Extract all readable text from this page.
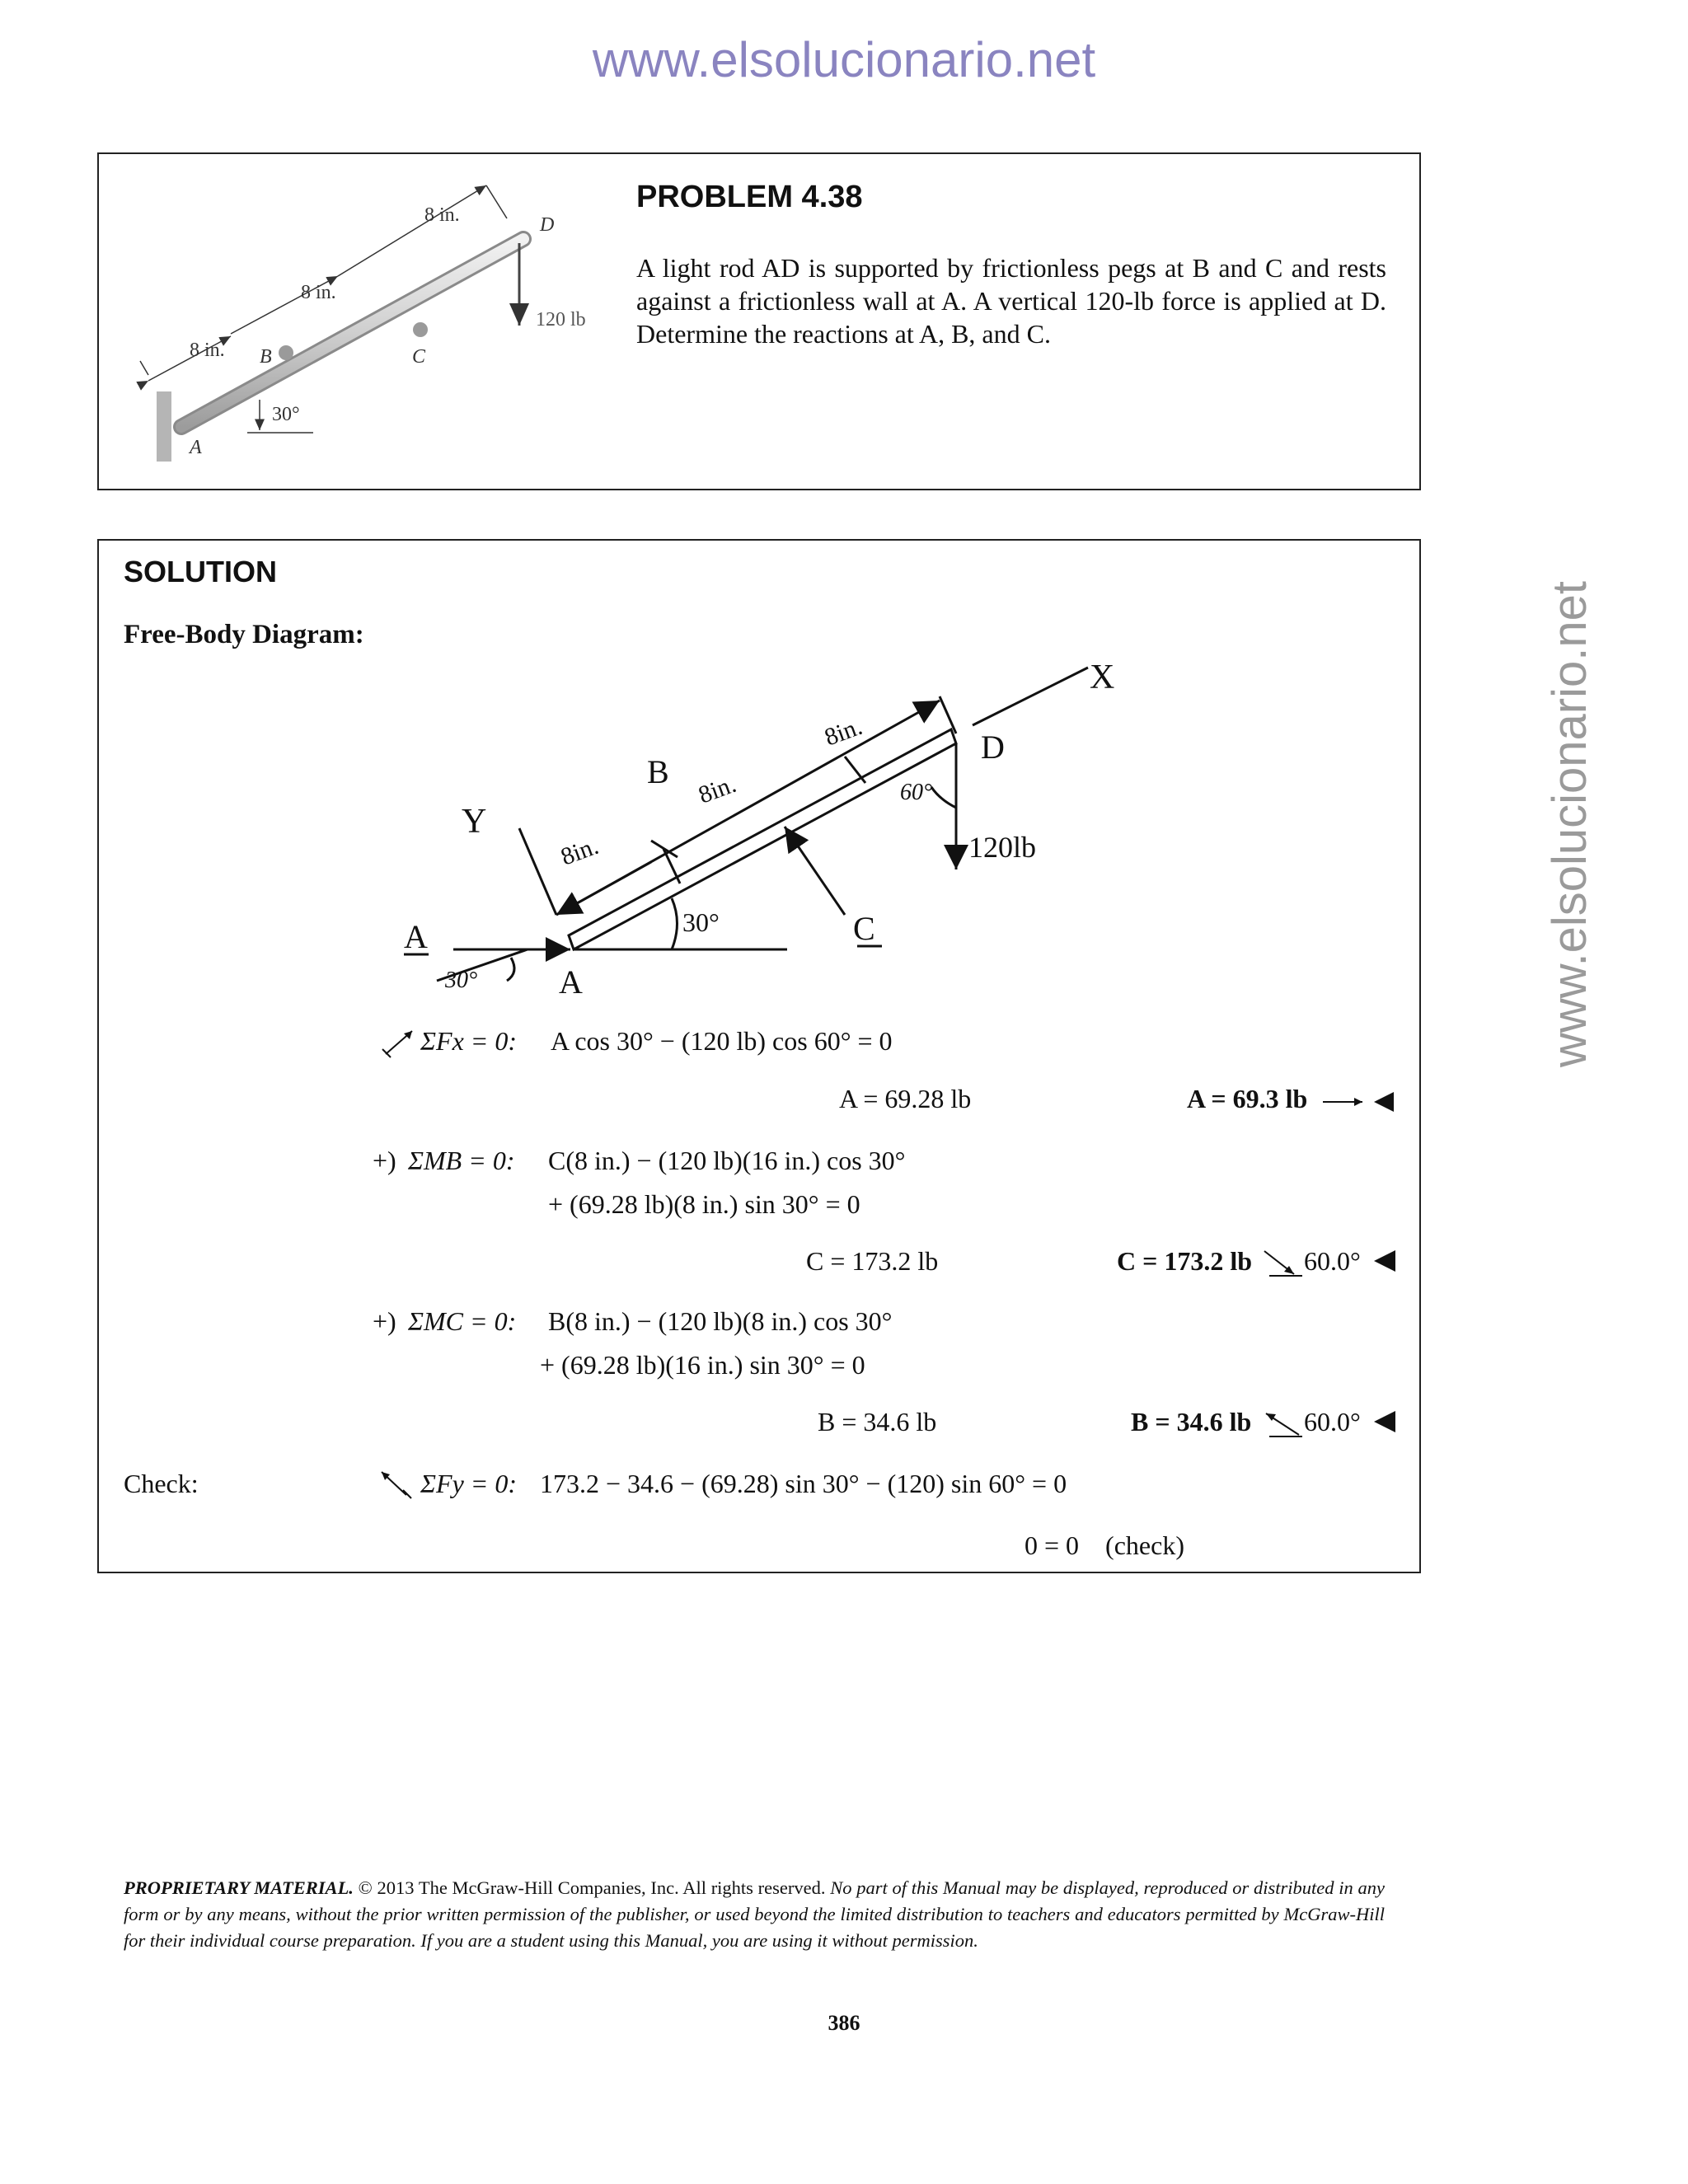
www.elsolucionario.net
www.elsolucionario.net
8 in.
8 in.
8 in.
B	C
D
A
120 lb
30°
PROBLEM 4.38
A light rod AD is supported by frictionless pegs at B and C and rests against a frictionless wall at A. A vertical 120-lb force is applied at D. Determine the reactions at A, B, and C.
SOLUTION
Free-Body Diagram:
Y
X
B
D
C
A
A
8in.
8in.
8in.
30°
30°
60°
120lb
ΣFx = 0: A cos 30° − (120 lb) cos 60° = 0
A = 69.28 lb	A = 69.3 lb
+) ΣMB = 0: C(8 in.) − (120 lb)(16 in.) cos 30°
+ (69.28 lb)(8 in.) sin 30° = 0
C = 173.2 lb	C = 173.2 lb 60.0°
+) ΣMC = 0: B(8 in.) − (120 lb)(8 in.) cos 30°
+ (69.28 lb)(16 in.) sin 30° = 0
B = 34.6 lb	B = 34.6 lb 60.0°
Check:	ΣFy = 0: 173.2 − 34.6 − (69.28) sin 30° − (120) sin 60° = 0
0 = 0    (check)
PROPRIETARY MATERIAL. © 2013 The McGraw-Hill Companies, Inc. All rights reserved. No part of this Manual may be displayed, reproduced or distributed in any form or by any means, without the prior written permission of the publisher, or used beyond the limited distribution to teachers and educators permitted by McGraw-Hill for their individual course preparation. If you are a student using this Manual, you are using it without permission.
386
